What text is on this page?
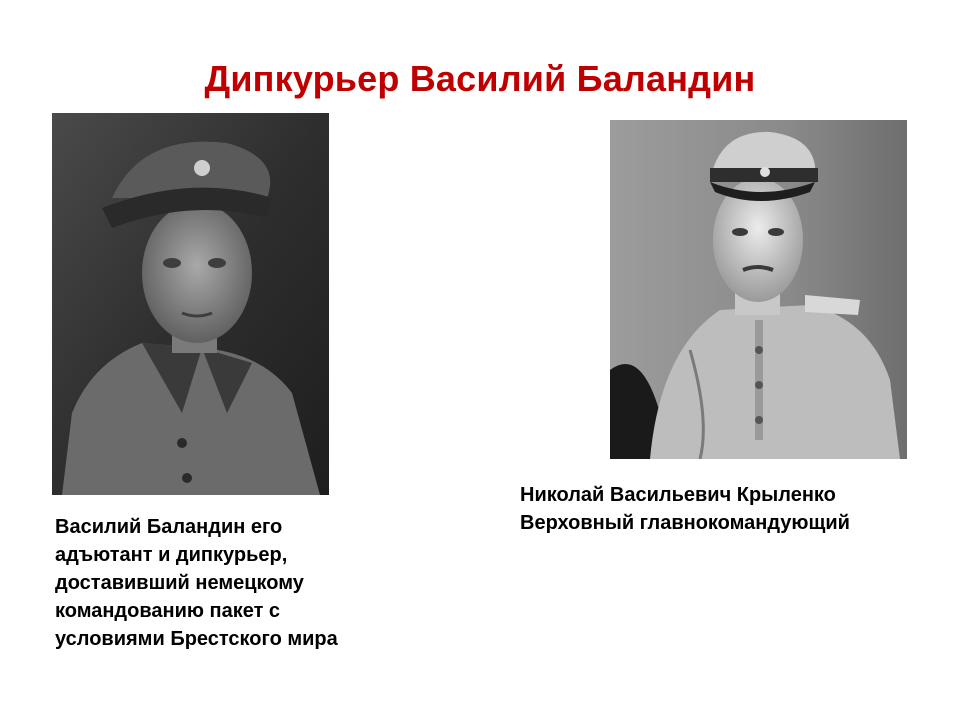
Дипкурьер Василий Баландин
Василий Баландин его
адъютант и дипкурьер,
доставивший немецкому
командованию пакет с
условиями Брестского мира
Николай Васильевич Крыленко
Верховный главнокомандующий
